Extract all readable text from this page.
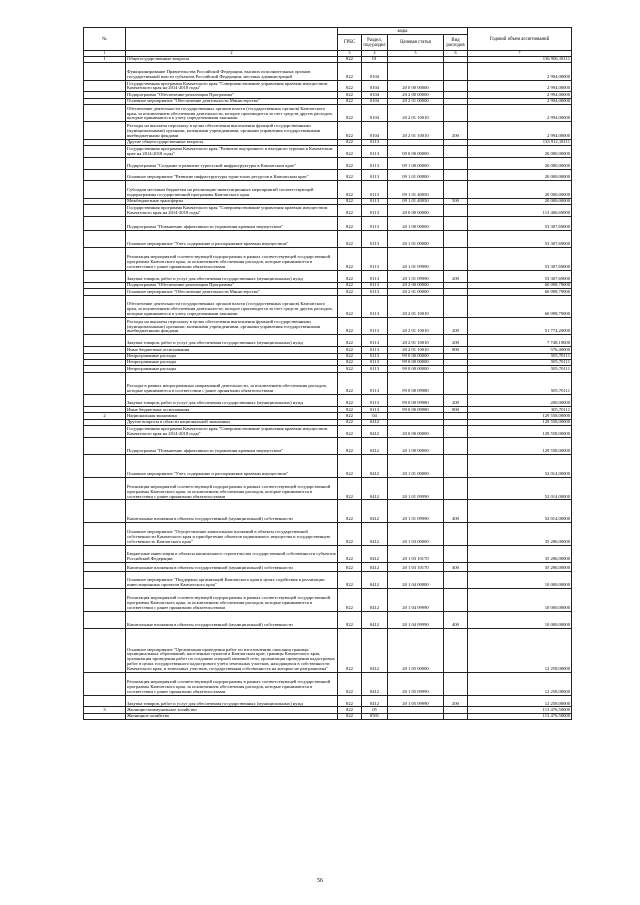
№		коды				Годовой объем ассигнований
		ГРБС	Раздел, под-раздел	Целевая статья	Вид расходов	
1	2	3	4	5	6	7
1	Общегосударственные вопросы	822	01			136 906,18111
	Функционирование Правительства Российской Федерации, высших исполнительных органов государственной власти субъектов Российской Федерации, местных администраций	822	0104			2 994,00000
	Государственная программа Камчатского края "Совершенствование управления краевым имуществом Камчатского края на 2014-2018 годы"	822	0104	20 0 00 00000		2 994,00000
	Подпрограмма "Обеспечение реализации Программы"	822	0104	20 2 00 00000		2 994,00000
	Основное мероприятие "Обеспечение деятельности Министерства"	822	0104	20 2 01 00000		2 994,00000
	Обеспечение деятельности государственных органов власти (государственных органов) Камчатского края, за исключением обеспечения деятельности, которое производится за счет средств других расходов, которые принимаются к учету определенными законами	822	0104	20 2 01 10010		2 994,00000
	Расходы на выплаты персоналу в целях обеспечения выполнения функций государственными (муниципальными) органами, казенными учреждениями, органами управления государственными внебюджетными фондами	822	0104	20 2 01 10010	200	2 994,00000
	Другие общегосударственные вопросы	822	0113			133 912,18111
	Государственная программа Камчатского края "Развитие внутреннего и въездного туризма в Камчатском крае на 2014-2018 годы"	822	0113	09 0 00 00000		20 000,00000
	Подпрограмма "Создание и развитие туристской инфраструктуры в Камчатском крае"	822	0113	09 1 00 00000		20 000,00000
	Основное мероприятие "Развитие инфраструктуры туристских ресурсов в Камчатском крае"	822	0113	09 1 01 00000		20 000,00000
	Субсидии местным бюджетам на реализацию инвестиционных мероприятий соответствующей подпрограммы государственной программы Камчатского края	822	0113	09 1 01 40050		20 000,00000
	Межбюджетные трансферты	822	0113	09 1 01 40050	500	20 000,00000
	Государственная программа Камчатского края "Совершенствование управления краевым имуществом Камчатского края на 2014-2018 годы"	822	0113	20 0 00 00000		113 406,69000
	Подпрограмма "Повышение эффективности управления краевым имуществом"	822	0113	20 1 00 00000		53 307,69000
	Основное мероприятие "Учет, содержание и распоряжение краевым имуществом"	822	0113	20 1 01 00000		53 307,69000
	Реализация мероприятий соответствующей подпрограммы в рамках соответствующей государственной программы Камчатского края, за исключением обеспечения расходов, которые принимаются в соответствии с ранее принятыми обязательствами	822	0113	20 1 01 09990		53 307,69000
	Закупка товаров, работ и услуг для обеспечения государственных (муниципальных) нужд	822	0113	20 1 01 09990	200	53 307,69000
	Подпрограмма "Обеспечение реализации Программы"	822	0113	20 2 00 00000		60 098,79000
	Основное мероприятие "Обеспечение деятельности Министерства"	822	0113	20 2 01 00000		60 098,79000
	Обеспечение деятельности государственных органов власти (государственных органов) Камчатского края, за исключением обеспечения деятельности, которое производится за счет средств других расходов, которые принимаются к учету определенными законами	822	0113	20 2 01 10010		60 098,79000
	Расходы на выплаты персоналу в целях обеспечения выполнения функций государственными (муниципальными) органами, казенными учреждениями, органами управления государственными внебюджетными фондами	822	0113	20 2 01 10010	200	51 774,20000
	Закупка товаров, работ и услуг для обеспечения государственных (муниципальных) нужд	822	0113	20 2 01 10010	200	7 748,19000
	Иные бюджетные ассигнования	822	0113	20 2 01 10010	800	576,40000
	Непрограммные расходы	822	0113	99 0 00 00000		505,70111
	Непрограммные расходы	822	0113	99 0 00 00000		505,70111
	Непрограммные расходы	822	0113	99 0 00 00000		505,70111
	Расходы в рамках непрограммных направлений деятельности, за исключением обеспечения расходов, которые принимаются в соответствии с ранее принятыми обязательствами	822	0113	99 0 00 09980		505,70111
	Закупка товаров, работ и услуг для обеспечения государственных (муниципальных) нужд	822	0113	99 0 00 09980	200	200,00000
	Иные бюджетные ассигнования	822	0113	99 0 00 09980	800	305,70111
2	Национальная экономика	822	04			129 558,00000
	Другие вопросы в области национальной экономики	822	0412			129 558,00000
	Государственная программа Камчатского края "Совершенствование управления краевым имуществом Камчатского края на 2014-2018 годы"	822	0412	20 0 00 00000		129 558,00000
	Подпрограмма "Повышение эффективности управления краевым имуществом"	822	0412	20 1 00 00000		129 558,00000
	Основное мероприятие "Учет, содержание и распоряжение краевым имуществом"	822	0412	20 1 01 00000		52 014,00000
	Реализация мероприятий соответствующей подпрограммы в рамках соответствующей государственной программы Камчатского края, за исключением обеспечения расходов, которые принимаются в соответствии с ранее принятыми обязательствами	822	0412	20 1 01 09990		52 014,00000
	Капитальные вложения в объекты государственной (муниципальной) собственности	822	0412	20 1 01 09990	400	52 014,00000
	Основное мероприятие "Осуществление капитальных вложений в объекты государственной собственности Камчатского края и приобретение объектов недвижимого имущества в государственную собственность Камчатского края"	822	0412	20 1 03 00000		35 286,00000
	Бюджетные инвестиции в объекты капитального строительства государственной собственности субъектов Российской Федерации	822	0412	20 1 03 10170		35 286,00000
	Капитальные вложения в объекты государственной (муниципальной) собственности	822	0412	20 1 03 10170	400	35 286,00000
	Основное мероприятие "Поддержка организаций Камчатского края в целях содействия в реализации инвестиционных проектов Камчатского края"	822	0412	20 1 04 00000		10 000,00000
	Реализация мероприятий соответствующей подпрограммы в рамках соответствующей государственной программы Камчатского края, за исключением обеспечения расходов, которые принимаются в соответствии с ранее принятыми обязательствами	822	0412	20 1 04 09990		10 000,00000
	Капитальные вложения в объекты государственной (муниципальной) собственности	822	0412	20 1 04 09990	400	10 000,00000
	Основное мероприятие "Организация проведения работ по изготовлению описания границы муниципальных образований, населенных пунктов в Камчатском крае, границы Камчатского края, организация проведения работ по созданию опорной межевой сети, организация проведения кадастровых работ в целях государственного кадастрового учета земельных участков, находящихся в собственности Камчатского края, и земельных участков, государственная собственность на которые не разграничена"	822	0412	20 1 05 00000		12 258,00000
	Реализация мероприятий соответствующей подпрограммы в рамках соответствующей государственной программы Камчатского края, за исключением обеспечения расходов, которые принимаются в соответствии с ранее принятыми обязательствами	822	0412	20 1 05 09990		12 258,00000
	Закупка товаров, работ и услуг для обеспечения государственных (муниципальных) нужд	822	0412	20 1 05 09990	200	12 258,00000
3	Жилищно-коммунальное хозяйство	822	05			113 476,50000
	Жилищное хозяйство	822	0501			113 476,50000
56
